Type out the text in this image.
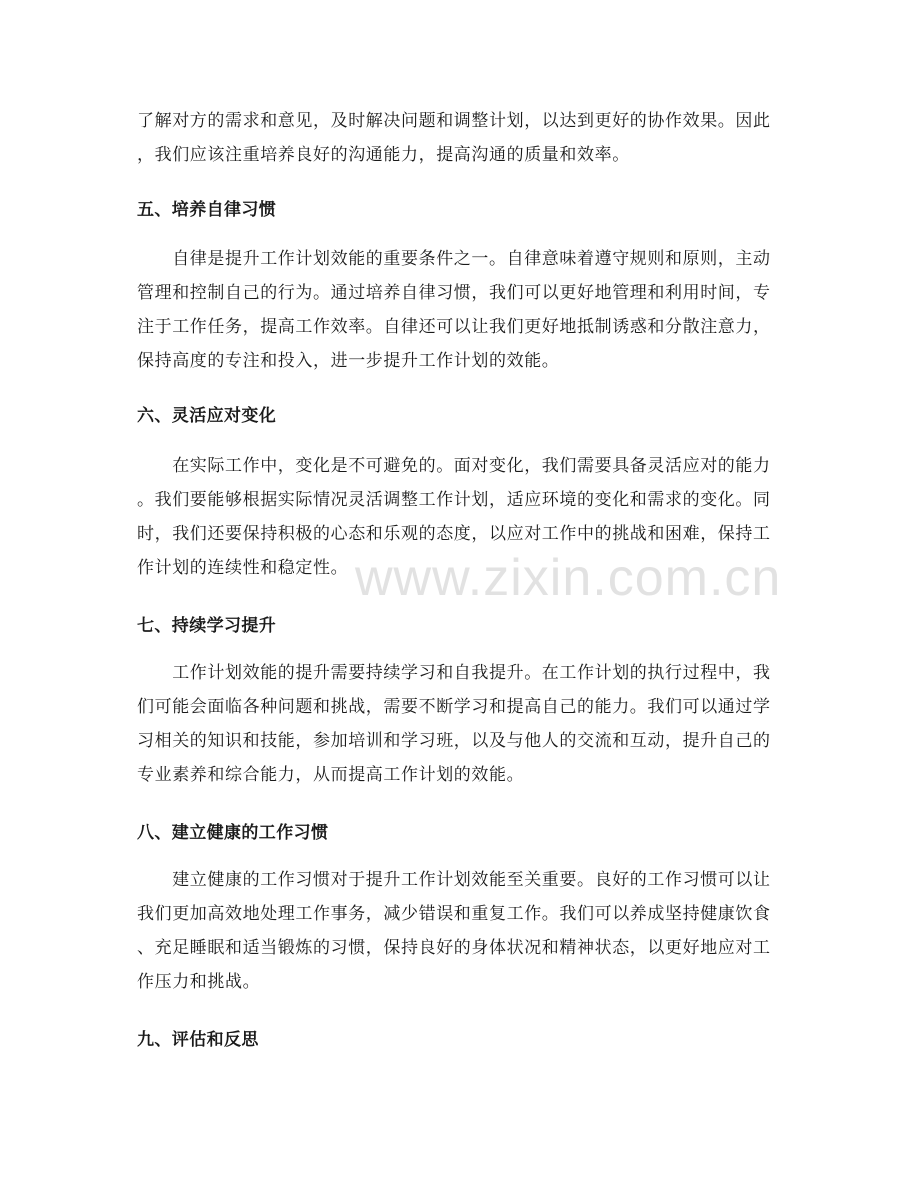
了解对方的需求和意见，及时解决问题和调整计划，以达到更好的协作效果。因此
，我们应该注重培养良好的沟通能力，提高沟通的质量和效率。

五、培养自律习惯

　　自律是提升工作计划效能的重要条件之一。自律意味着遵守规则和原则，主动
管理和控制自己的行为。通过培养自律习惯，我们可以更好地管理和利用时间，专
注于工作任务，提高工作效率。自律还可以让我们更好地抵制诱惑和分散注意力，
保持高度的专注和投入，进一步提升工作计划的效能。

六、灵活应对变化

　　在实际工作中，变化是不可避免的。面对变化，我们需要具备灵活应对的能力
。我们要能够根据实际情况灵活调整工作计划，适应环境的变化和需求的变化。同
时，我们还要保持积极的心态和乐观的态度，以应对工作中的挑战和困难，保持工
作计划的连续性和稳定性。

七、持续学习提升

　　工作计划效能的提升需要持续学习和自我提升。在工作计划的执行过程中，我
们可能会面临各种问题和挑战，需要不断学习和提高自己的能力。我们可以通过学
习相关的知识和技能，参加培训和学习班，以及与他人的交流和互动，提升自己的
专业素养和综合能力，从而提高工作计划的效能。

八、建立健康的工作习惯

　　建立健康的工作习惯对于提升工作计划效能至关重要。良好的工作习惯可以让
我们更加高效地处理工作事务，减少错误和重复工作。我们可以养成坚持健康饮食
、充足睡眠和适当锻炼的习惯，保持良好的身体状况和精神状态，以更好地应对工
作压力和挑战。

九、评估和反思
www.zixin.com.cn
